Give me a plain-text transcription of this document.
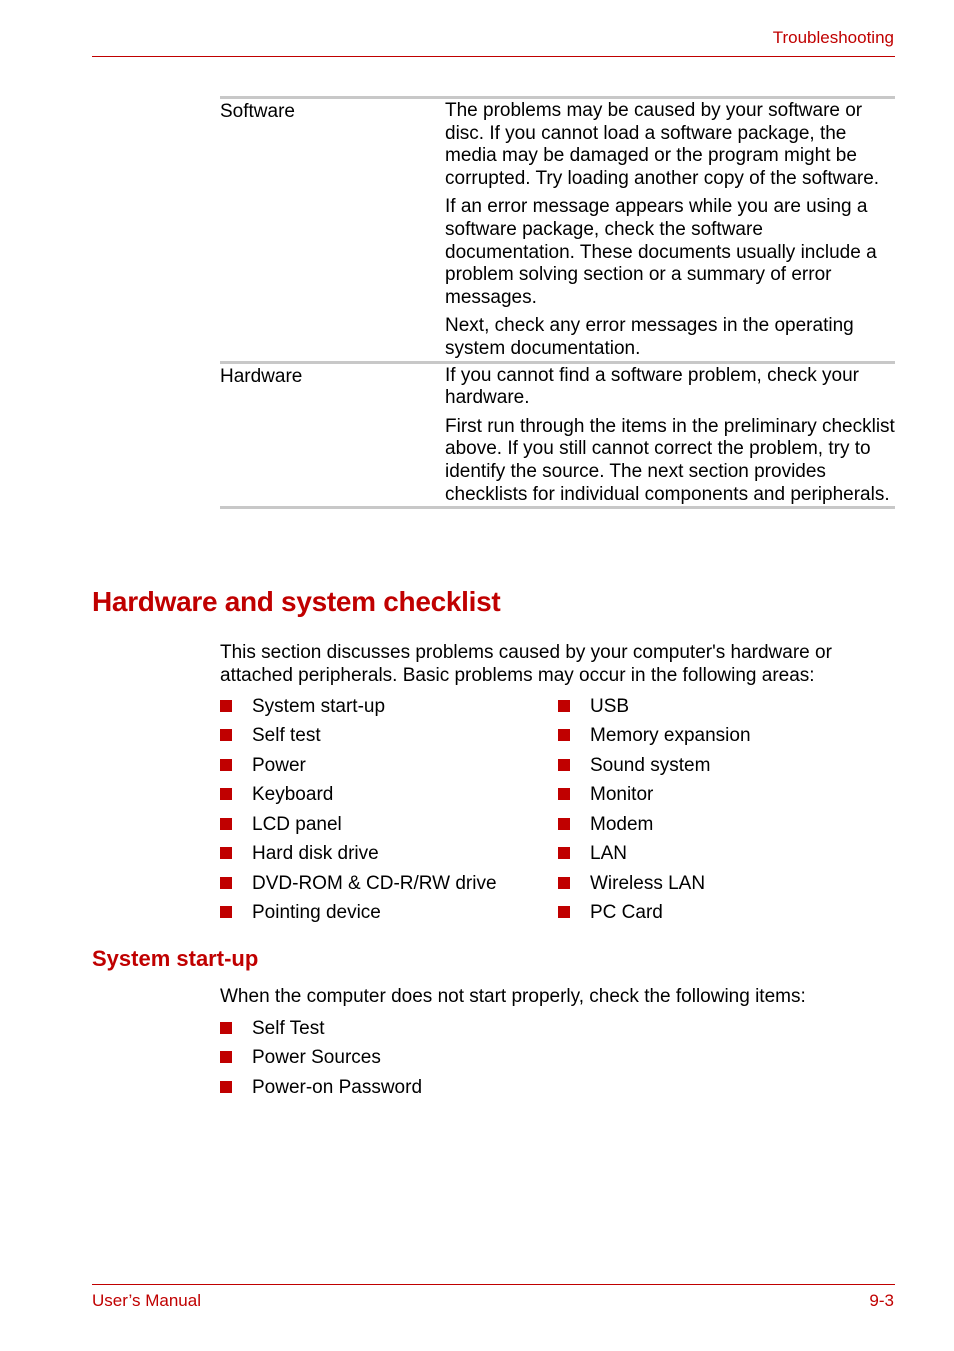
Troubleshooting
Software	The problems may be caused by your software or disc. If you cannot load a software package, the media may be damaged or the program might be corrupted. Try loading another copy of the software.

If an error message appears while you are using a software package, check the software documentation. These documents usually include a problem solving section or a summary of error messages.

Next, check any error messages in the operating system documentation.

Hardware	If you cannot find a software problem, check your hardware.

First run through the items in the preliminary checklist above. If you still cannot correct the problem, try to identify the source. The next section provides checklists for individual components and peripherals.

Hardware and system checklist
This section discusses problems caused by your computer's hardware or attached peripherals. Basic problems may occur in the following areas:
System start-up
Self test
Power
Keyboard
LCD panel
Hard disk drive
DVD-ROM & CD-R/RW drive
Pointing device
USB
Memory expansion
Sound system
Monitor
Modem
LAN
Wireless LAN
PC Card
System start-up
When the computer does not start properly, check the following items:
Self Test
Power Sources
Power-on Password
User’s Manual	9-3
